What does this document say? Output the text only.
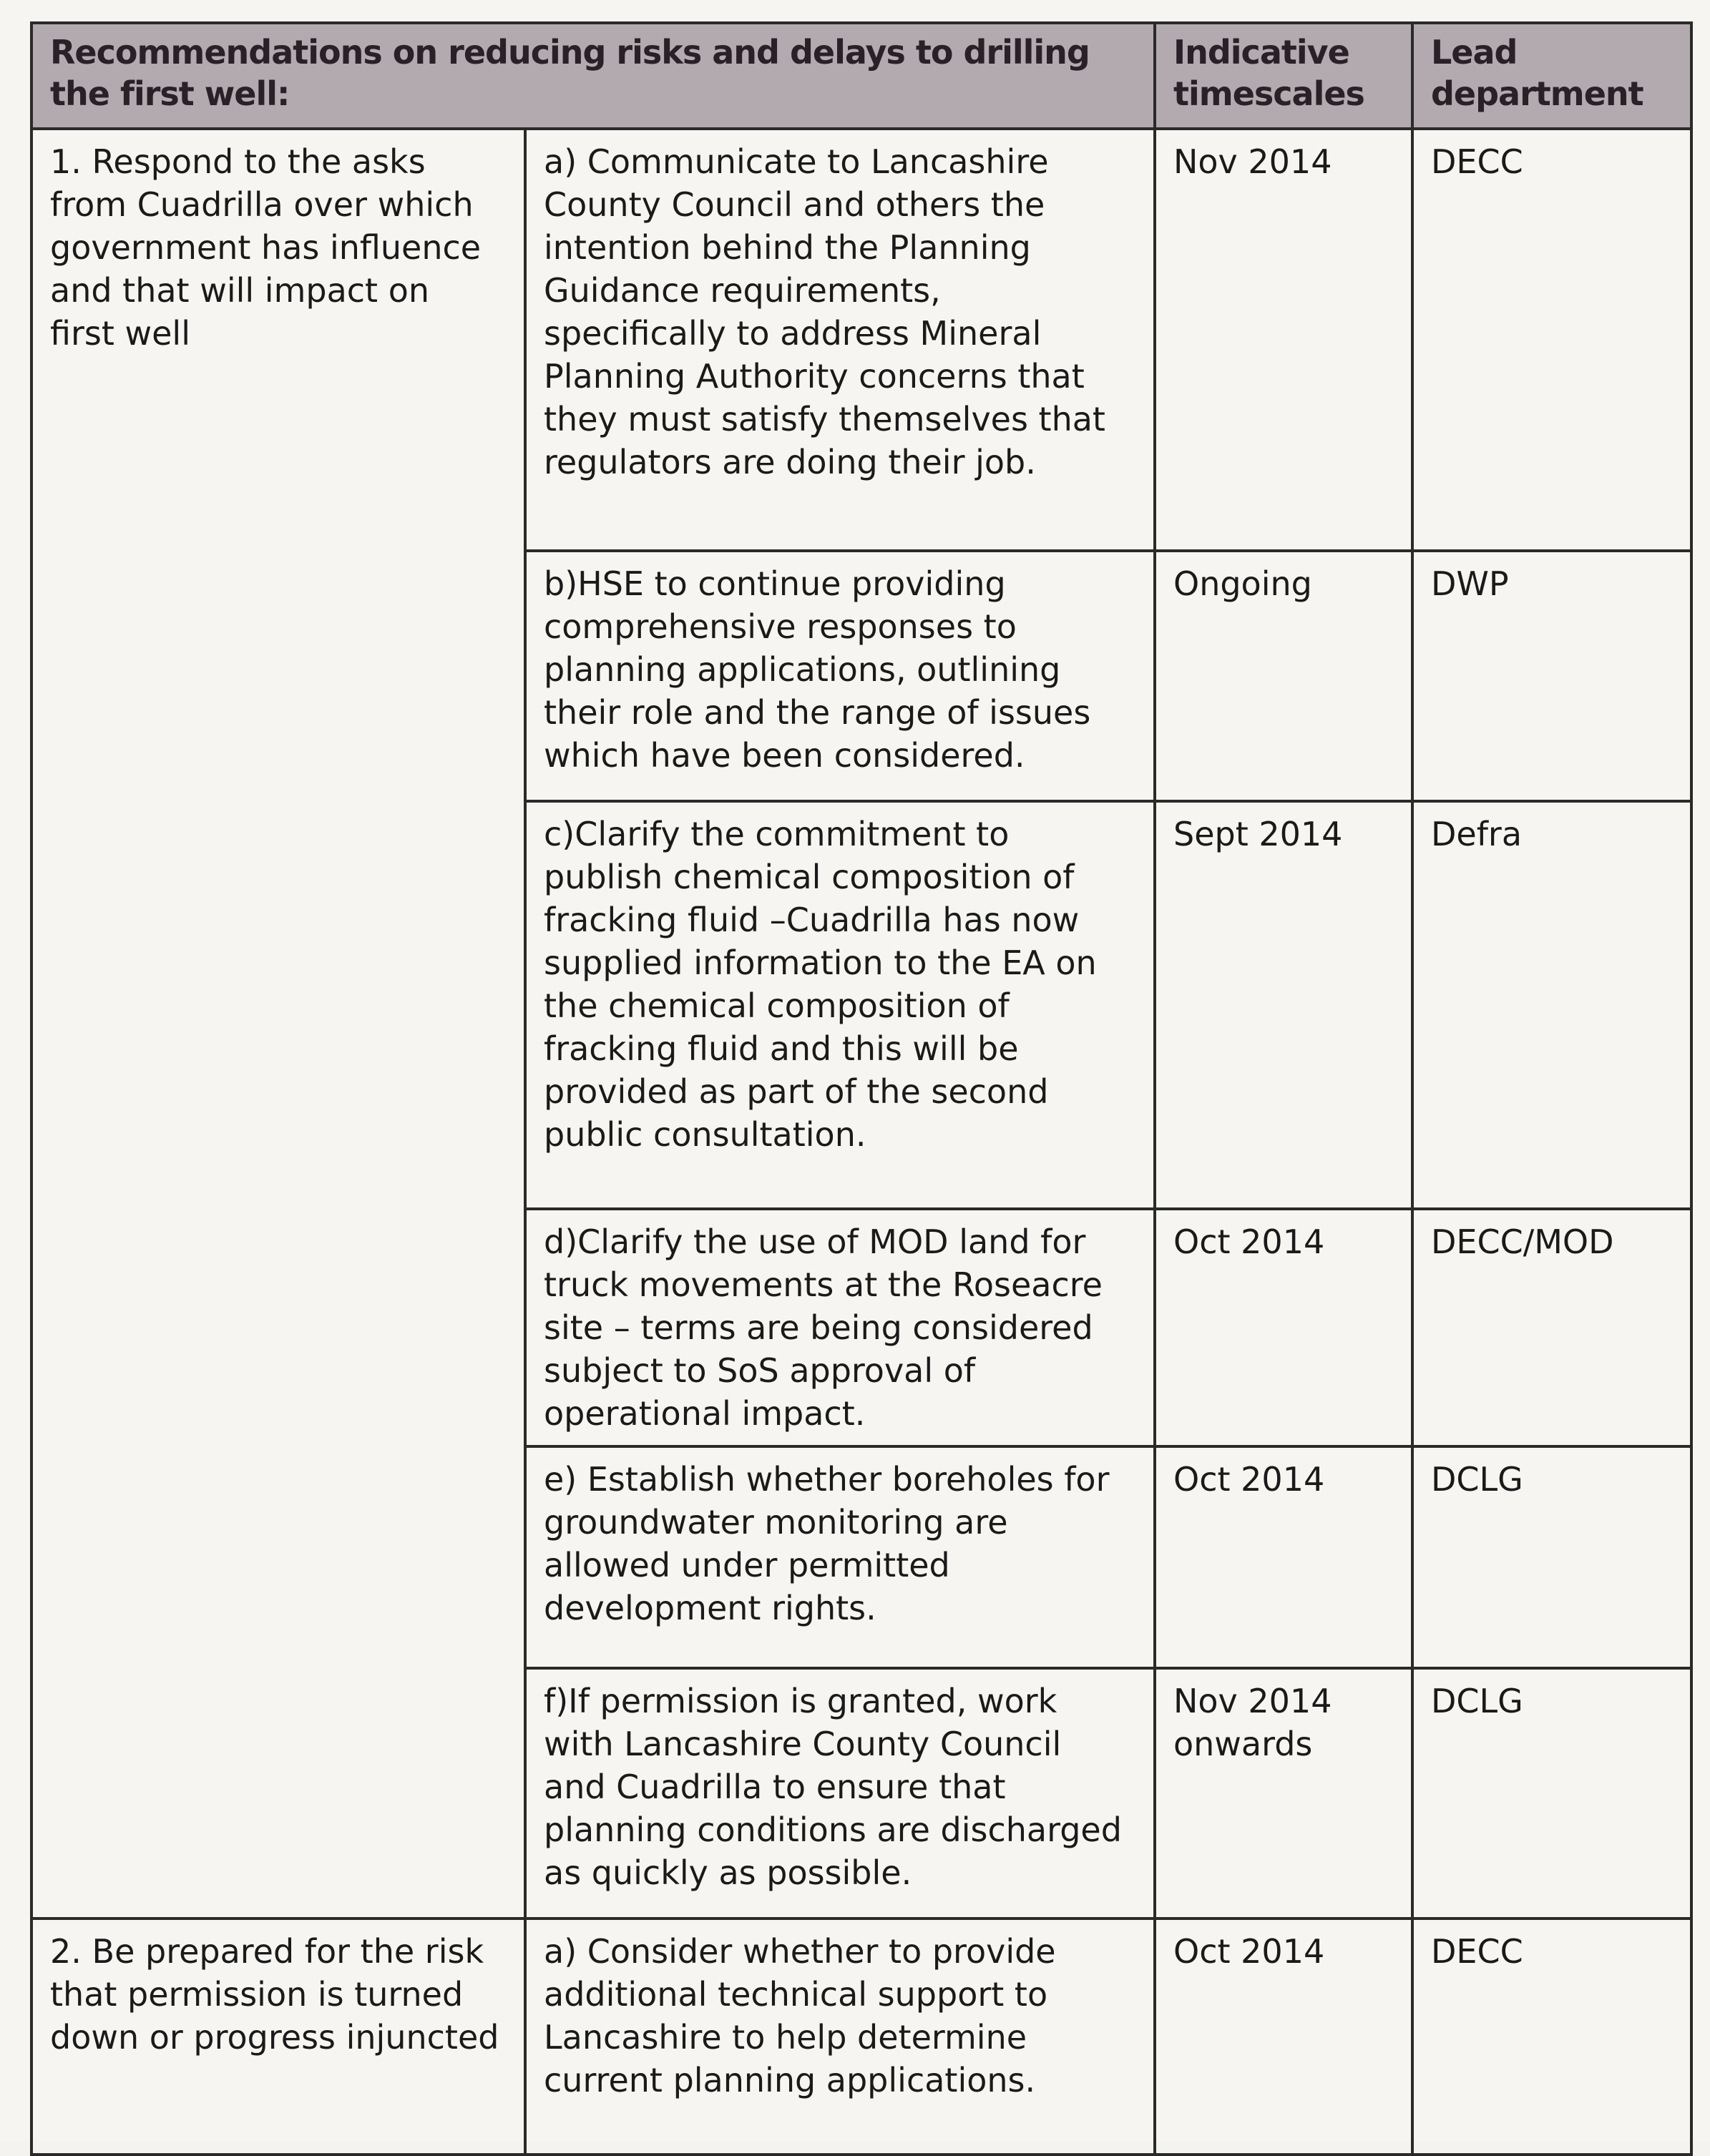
Recommendations on reducing risks and delays to drilling the first well:		Indicative timescales	Lead department
1. Respond to the asks from Cuadrilla over which government has influence and that will impact on first well	a) Communicate to Lancashire County Council and others the intention behind the Planning Guidance requirements, specifically to address Mineral Planning Authority concerns that they must satisfy themselves that regulators are doing their job.	Nov 2014	DECC
	b)HSE to continue providing comprehensive responses to planning applications, outlining their role and the range of issues which have been considered.	Ongoing	DWP
	c)Clarify the commitment to publish chemical composition of fracking fluid –Cuadrilla has now supplied information to the EA on the chemical composition of fracking fluid and this will be provided as part of the second public consultation.	Sept 2014	Defra
	d)Clarify the use of MOD land for truck movements at the Roseacre site – terms are being considered subject to SoS approval of operational impact.	Oct 2014	DECC/MOD
	e) Establish whether boreholes for groundwater monitoring are allowed under permitted development rights.	Oct 2014	DCLG
	f)If permission is granted, work with Lancashire County Council and Cuadrilla to ensure that planning conditions are discharged as quickly as possible.	Nov 2014 onwards	DCLG
2. Be prepared for the risk that permission is turned down or progress injuncted	a) Consider whether to provide additional technical support to Lancashire to help determine current planning applications.	Oct 2014	DECC
